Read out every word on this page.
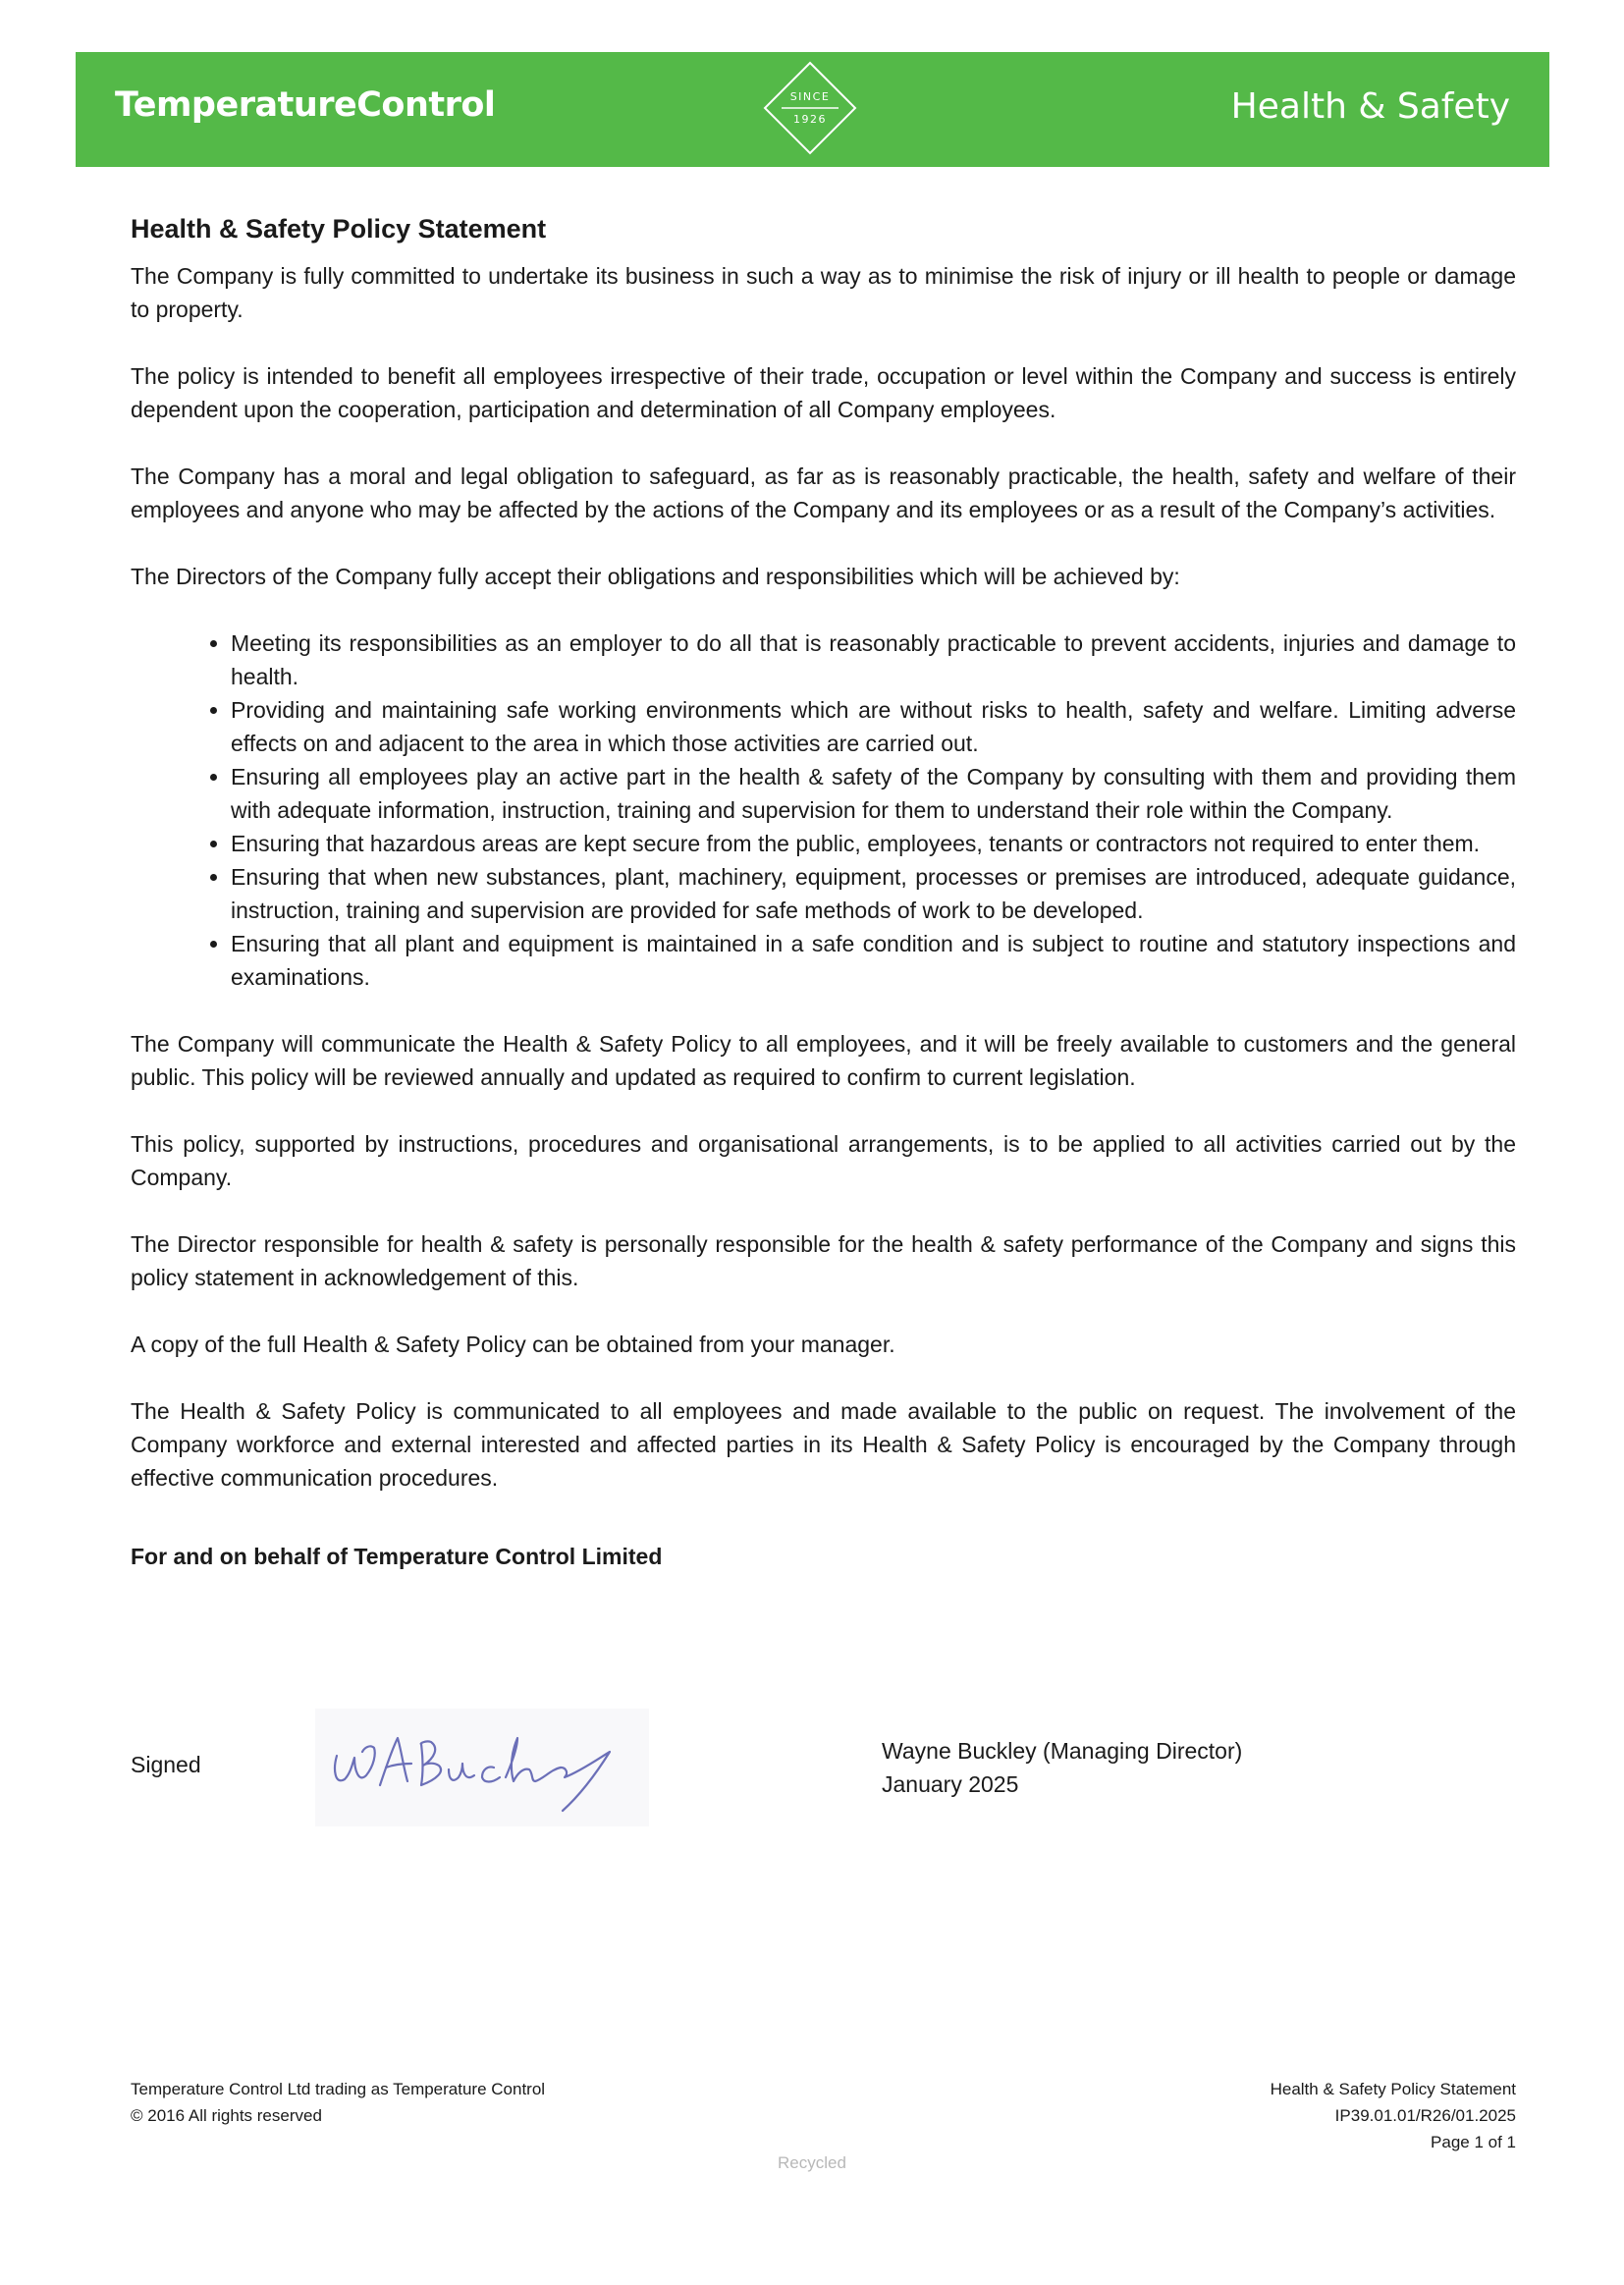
TemperatureControl	SINCE
1926	Health & Safety
Health & Safety Policy Statement

The Company is fully committed to undertake its business in such a way as to minimise the risk of injury or ill health to people or damage to property.

The policy is intended to benefit all employees irrespective of their trade, occupation or level within the Company and success is entirely dependent upon the cooperation, participation and determination of all Company employees.

The Company has a moral and legal obligation to safeguard, as far as is reasonably practicable, the health, safety and welfare of their employees and anyone who may be affected by the actions of the Company and its employees or as a result of the Company’s activities.

The Directors of the Company fully accept their obligations and responsibilities which will be achieved by:

• Meeting its responsibilities as an employer to do all that is reasonably practicable to prevent accidents, injuries and damage to health.
• Providing and maintaining safe working environments which are without risks to health, safety and welfare. Limiting adverse effects on and adjacent to the area in which those activities are carried out.
• Ensuring all employees play an active part in the health & safety of the Company by consulting with them and providing them with adequate information, instruction, training and supervision for them to understand their role within the Company.
• Ensuring that hazardous areas are kept secure from the public, employees, tenants or contractors not required to enter them.
• Ensuring that when new substances, plant, machinery, equipment, processes or premises are introduced, adequate guidance, instruction, training and supervision are provided for safe methods of work to be developed.
• Ensuring that all plant and equipment is maintained in a safe condition and is subject to routine and statutory inspections and examinations.

The Company will communicate the Health & Safety Policy to all employees, and it will be freely available to customers and the general public. This policy will be reviewed annually and updated as required to confirm to current legislation.

This policy, supported by instructions, procedures and organisational arrangements, is to be applied to all activities carried out by the Company.

The Director responsible for health & safety is personally responsible for the health & safety performance of the Company and signs this policy statement in acknowledgement of this.

A copy of the full Health & Safety Policy can be obtained from your manager.

The Health & Safety Policy is communicated to all employees and made available to the public on request. The involvement of the Company workforce and external interested and affected parties in its Health & Safety Policy is encouraged by the Company through effective communication procedures.

For and on behalf of Temperature Control Limited
Signed
Wayne Buckley (Managing Director)
January 2025
Temperature Control Ltd trading as Temperature Control
© 2016 All rights reserved
Health & Safety Policy Statement
IP39.01.01/R26/01.2025
Page 1 of 1
Recycled
